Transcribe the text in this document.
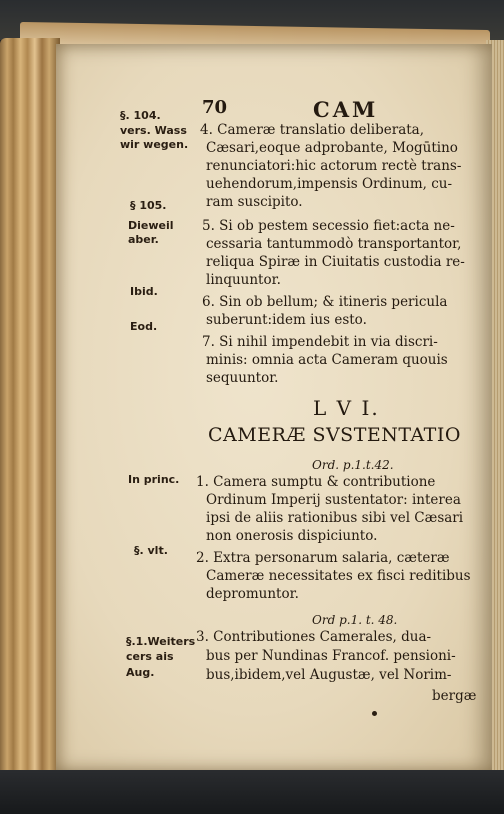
70	CAM
§. 104.
vers. Wass
wir wegen.
§ 105.
Dieweil
aber.
Ibid.
Eod.
In princ.
§. vlt.
§.1.Weiters
cers ais
Aug.
4. Cameræ translatio deliberata,
Cæsari,eoque adprobante, Mogūtino
renunciatori:hic actorum rectè trans-
uehendorum,impensis Ordinum, cu-
ram suscipito.
5. Si ob pestem secessio fiet:acta ne-
cessaria tantummodò transportantor,
reliqua Spiræ in Ciuitatis custodia re-
linquuntor.
6. Sin ob bellum; & itineris pericula
suberunt:idem ius esto.
7. Si nihil impendebit in via discri-
minis: omnia acta Cameram quouis
sequuntor.
L V I.
CAMERÆ SVSTENTATIO
Ord. p.1.t.42.
1. Camera sumptu & contributione
Ordinum Imperij sustentator: interea
ipsi de aliis rationibus sibi vel Cæsari
non onerosis dispiciunto.
2. Extra personarum salaria, cæteræ
Cameræ necessitates ex fisci reditibus
depromuntor.
Ord p.1. t. 48.
3. Contributiones Camerales, dua-
bus per Nundinas Francof. pensioni-
bus,ibidem,vel Augustæ, vel Norim-
bergæ
